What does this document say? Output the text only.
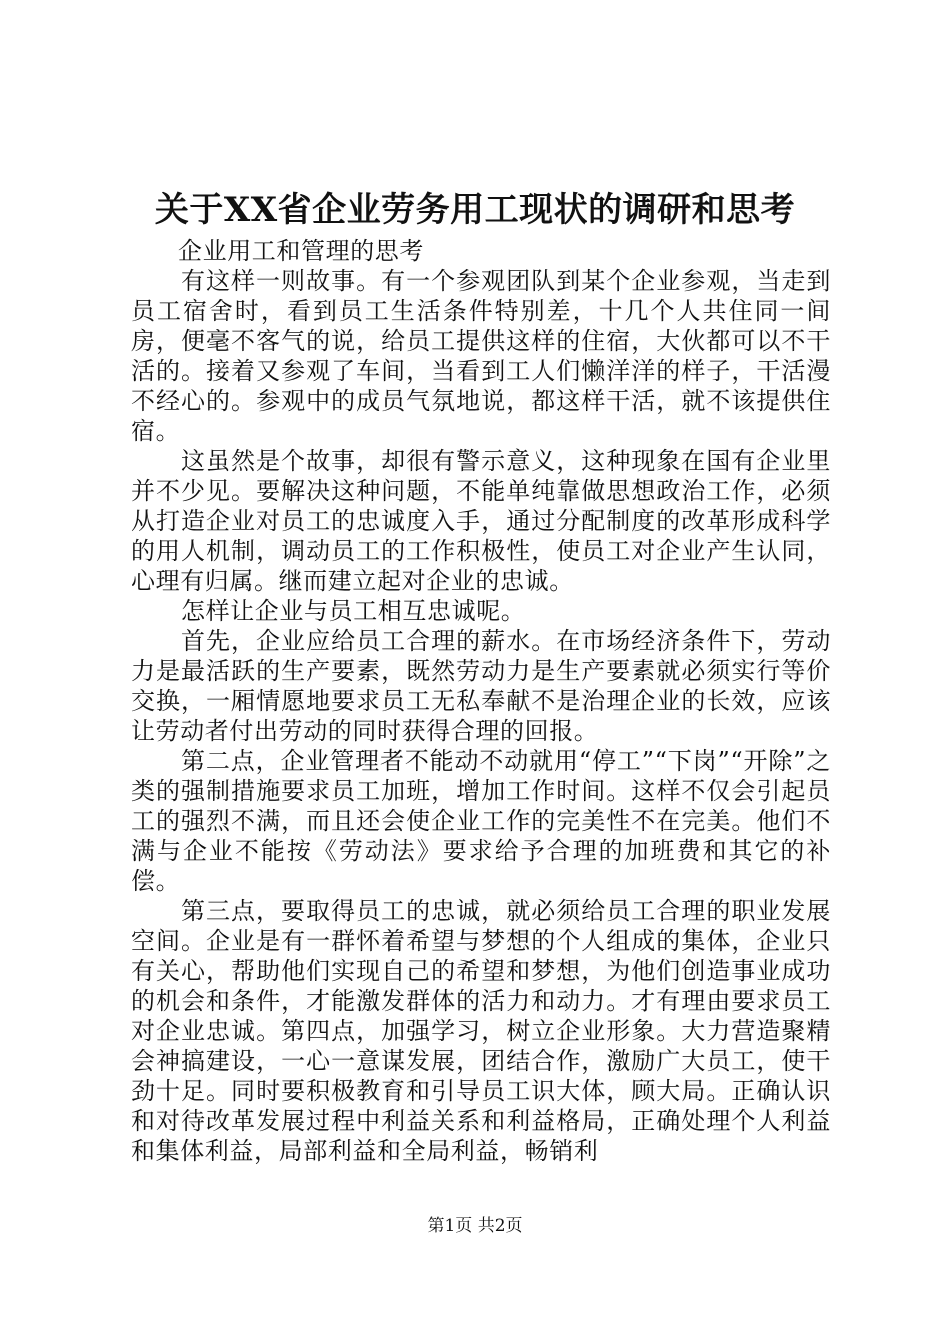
关于XX省企业劳务用工现状的调研和思考

企业用工和管理的思考

有这样一则故事。有一个参观团队到某个企业参观，当走到员工宿舍时，看到员工生活条件特别差，十几个人共住同一间房，便毫不客气的说，给员工提供这样的住宿，大伙都可以不干活的。接着又参观了车间，当看到工人们懒洋洋的样子，干活漫不经心的。参观中的成员气氛地说，都这样干活，就不该提供住宿。

这虽然是个故事，却很有警示意义，这种现象在国有企业里并不少见。要解决这种问题，不能单纯靠做思想政治工作，必须从打造企业对员工的忠诚度入手，通过分配制度的改革形成科学的用人机制，调动员工的工作积极性，使员工对企业产生认同，心理有归属。继而建立起对企业的忠诚。

怎样让企业与员工相互忠诚呢。

首先，企业应给员工合理的薪水。在市场经济条件下，劳动力是最活跃的生产要素，既然劳动力是生产要素就必须实行等价交换，一厢情愿地要求员工无私奉献不是治理企业的长效，应该让劳动者付出劳动的同时获得合理的回报。

第二点，企业管理者不能动不动就用“停工”“下岗”“开除”之类的强制措施要求员工加班，增加工作时间。这样不仅会引起员工的强烈不满，而且还会使企业工作的完美性不在完美。他们不满与企业不能按《劳动法》要求给予合理的加班费和其它的补偿。

第三点，要取得员工的忠诚，就必须给员工合理的职业发展空间。企业是有一群怀着希望与梦想的个人组成的集体，企业只有关心，帮助他们实现自己的希望和梦想，为他们创造事业成功的机会和条件，才能激发群体的活力和动力。才有理由要求员工对企业忠诚。第四点，加强学习，树立企业形象。大力营造聚精会神搞建设，一心一意谋发展，团结合作，激励广大员工，使干劲十足。同时要积极教育和引导员工识大体，顾大局。正确认识和对待改革发展过程中利益关系和利益格局，正确处理个人利益和集体利益，局部利益和全局利益，畅销利

第1页 共2页
